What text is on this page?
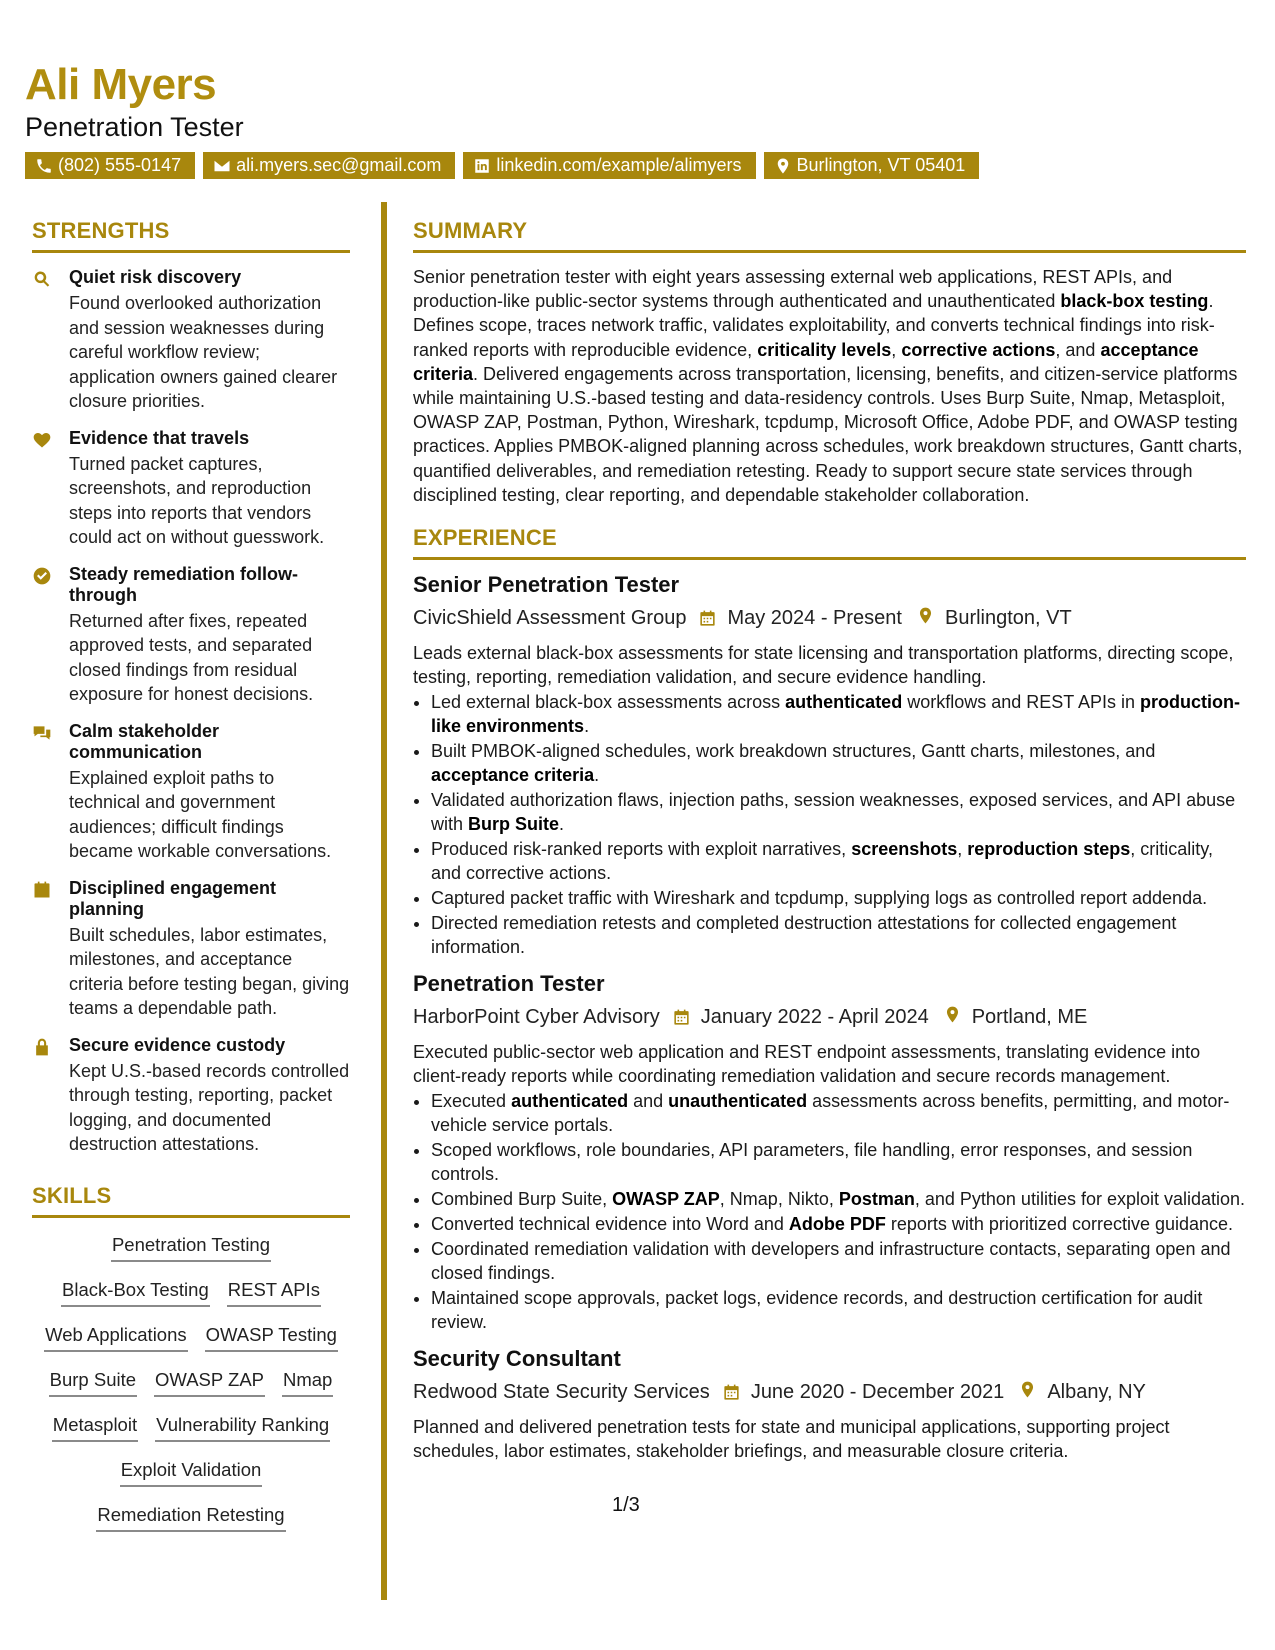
Ali Myers
Penetration Tester
(802) 555-0147	ali.myers.sec@gmail.com	linkedin.com/example/alimyers	Burlington, VT 05401
STRENGTHS
Quiet risk discovery
Found overlooked authorization and session weaknesses during careful workflow review; application owners gained clearer closure priorities.
Evidence that travels
Turned packet captures, screenshots, and reproduction steps into reports that vendors could act on without guesswork.
Steady remediation follow-through
Returned after fixes, repeated approved tests, and separated closed findings from residual exposure for honest decisions.
Calm stakeholder communication
Explained exploit paths to technical and government audiences; difficult findings became workable conversations.
Disciplined engagement planning
Built schedules, labor estimates, milestones, and acceptance criteria before testing began, giving teams a dependable path.
Secure evidence custody
Kept U.S.-based records controlled through testing, reporting, packet logging, and documented destruction attestations.
SKILLS
Penetration Testing
Black-Box Testing REST APIs
Web Applications OWASP Testing
Burp Suite OWASP ZAP Nmap
Metasploit Vulnerability Ranking
Exploit Validation
Remediation Retesting
SUMMARY
Senior penetration tester with eight years assessing external web applications, REST APIs, and production-like public-sector systems through authenticated and unauthenticated black-box testing. Defines scope, traces network traffic, validates exploitability, and converts technical findings into risk-ranked reports with reproducible evidence, criticality levels, corrective actions, and acceptance criteria. Delivered engagements across transportation, licensing, benefits, and citizen-service platforms while maintaining U.S.-based testing and data-residency controls. Uses Burp Suite, Nmap, Metasploit, OWASP ZAP, Postman, Python, Wireshark, tcpdump, Microsoft Office, Adobe PDF, and OWASP testing practices. Applies PMBOK-aligned planning across schedules, work breakdown structures, Gantt charts, quantified deliverables, and remediation retesting. Ready to support secure state services through disciplined testing, clear reporting, and dependable stakeholder collaboration.
EXPERIENCE
Senior Penetration Tester
CivicShield Assessment Group May 2024 - Present Burlington, VT
Leads external black-box assessments for state licensing and transportation platforms, directing scope, testing, reporting, remediation validation, and secure evidence handling.
• Led external black-box assessments across authenticated workflows and REST APIs in production-like environments.
• Built PMBOK-aligned schedules, work breakdown structures, Gantt charts, milestones, and acceptance criteria.
• Validated authorization flaws, injection paths, session weaknesses, exposed services, and API abuse with Burp Suite.
• Produced risk-ranked reports with exploit narratives, screenshots, reproduction steps, criticality, and corrective actions.
• Captured packet traffic with Wireshark and tcpdump, supplying logs as controlled report addenda.
• Directed remediation retests and completed destruction attestations for collected engagement information.
Penetration Tester
HarborPoint Cyber Advisory January 2022 - April 2024 Portland, ME
Executed public-sector web application and REST endpoint assessments, translating evidence into client-ready reports while coordinating remediation validation and secure records management.
• Executed authenticated and unauthenticated assessments across benefits, permitting, and motor-vehicle service portals.
• Scoped workflows, role boundaries, API parameters, file handling, error responses, and session controls.
• Combined Burp Suite, OWASP ZAP, Nmap, Nikto, Postman, and Python utilities for exploit validation.
• Converted technical evidence into Word and Adobe PDF reports with prioritized corrective guidance.
• Coordinated remediation validation with developers and infrastructure contacts, separating open and closed findings.
• Maintained scope approvals, packet logs, evidence records, and destruction certification for audit review.
Security Consultant
Redwood State Security Services June 2020 - December 2021 Albany, NY
Planned and delivered penetration tests for state and municipal applications, supporting project schedules, labor estimates, stakeholder briefings, and measurable closure criteria.
1/3
